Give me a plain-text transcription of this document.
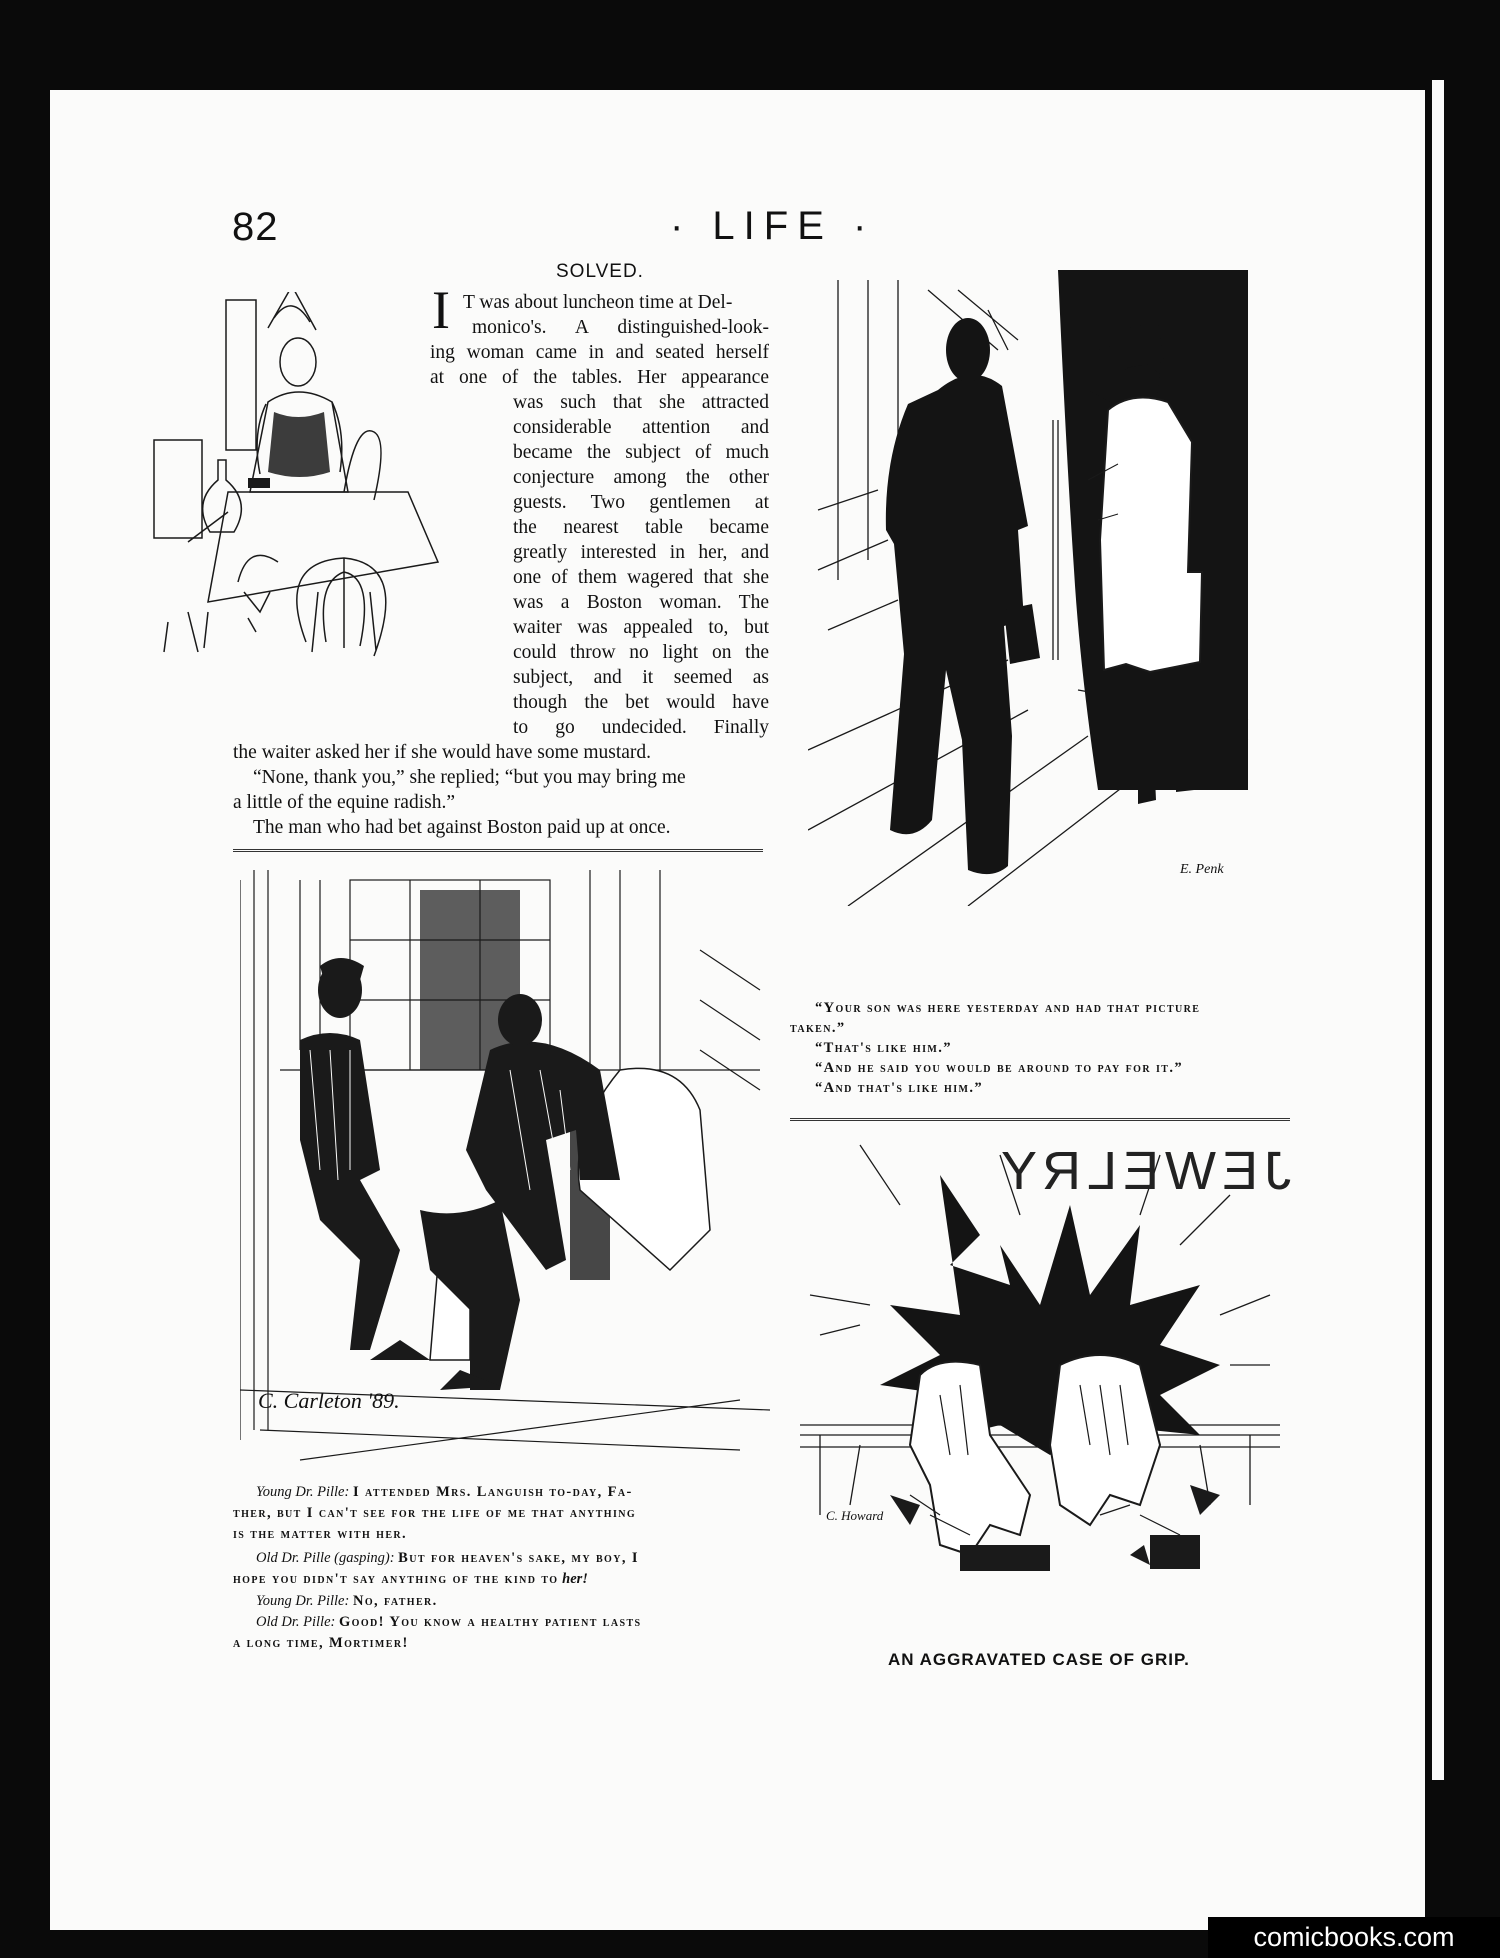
82	· LIFE ·
SOLVED.
I T was about luncheon time at Del-
monico's. A distinguished-look-
ing woman came in and seated herself
at one of the tables. Her appearance
was such that she attracted
considerable attention and
became the subject of much
conjecture among the other
guests. Two gentlemen at
the nearest table became
greatly interested in her, and
one of them wagered that she
was a Boston woman. The
waiter was appealed to, but
could throw no light on the
subject, and it seemed as
though the bet would have
to go undecided. Finally
the waiter asked her if she would have some mustard.
“None, thank you,” she replied; “but you may bring me
a little of the equine radish.”
The man who had bet against Boston paid up at once.
E. Penk
“Your son was here yesterday and had that picture
taken.”
“That's like him.”
“And he said you would be around to pay for it.”
“And that's like him.”
C. Carleton '89.
Young Dr. Pille: I attended Mrs. Languish to-day, Fa-
ther, but I can't see for the life of me that anything
is the matter with her.
Old Dr. Pille (gasping): But for heaven's sake, my boy, I
hope you didn't say anything of the kind to her!
Young Dr. Pille: No, father.
Old Dr. Pille: Good! You know a healthy patient lasts
a long time, Mortimer!
JEWELRY
C. Howard
AN AGGRAVATED CASE OF GRIP.
comicbooks.com
